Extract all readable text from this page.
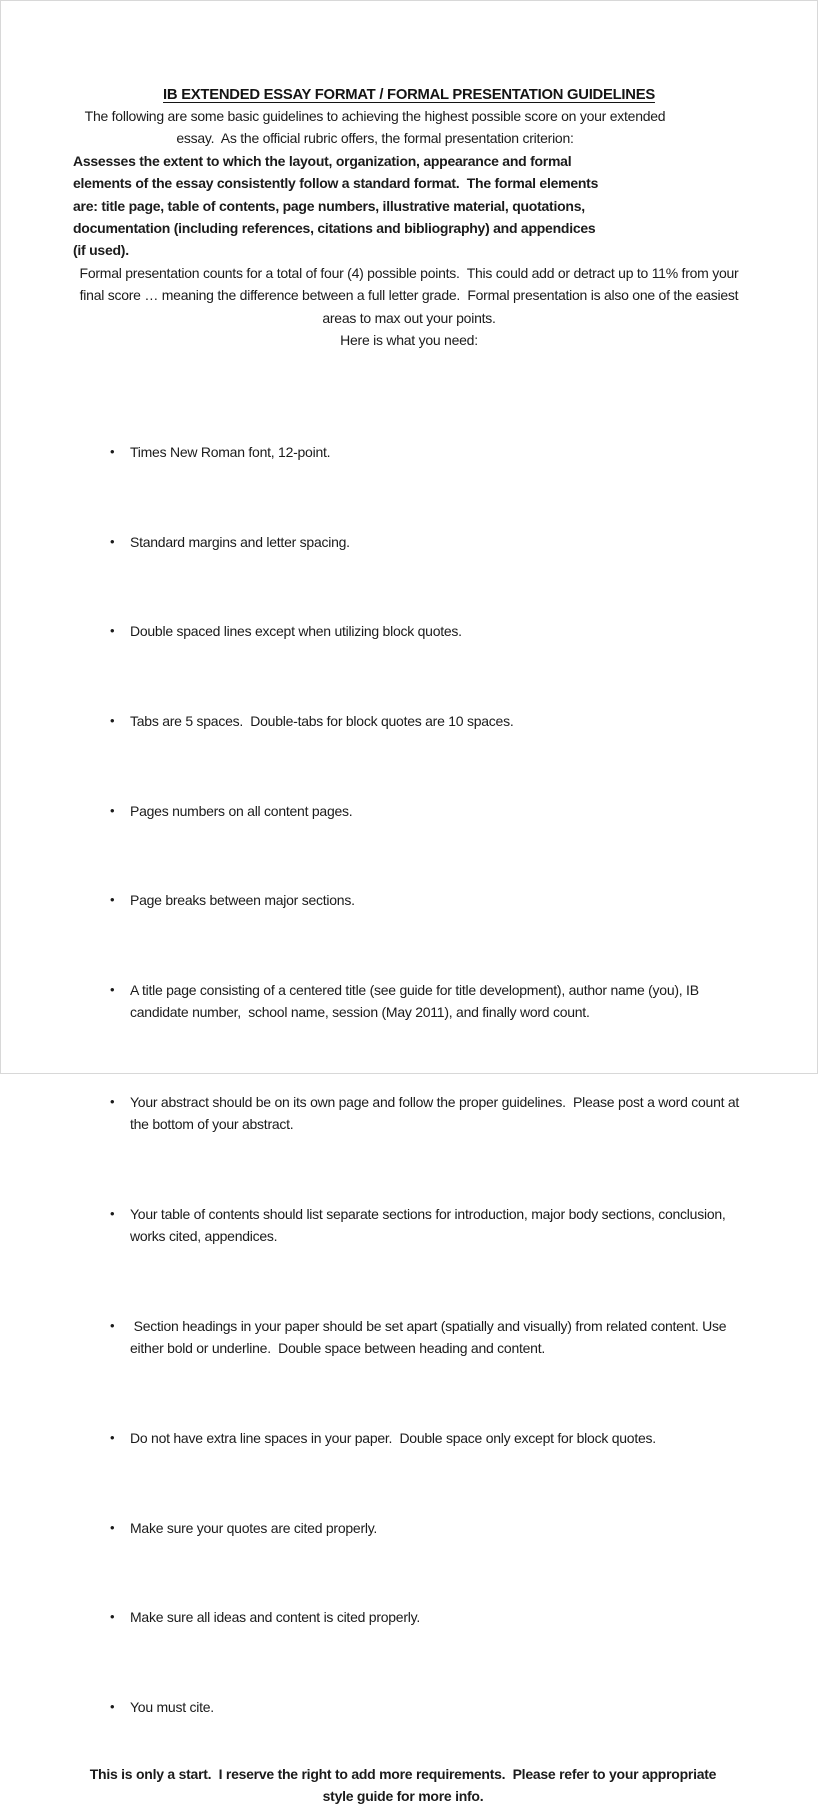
IB EXTENDED ESSAY FORMAT / FORMAL PRESENTATION GUIDELINES

The following are some basic guidelines to achieving the highest possible score on your extended essay.  As the official rubric offers, the formal presentation criterion:

Assesses the extent to which the layout, organization, appearance and formal elements of the essay consistently follow a standard format.  The formal elements are: title page, table of contents, page numbers, illustrative material, quotations, documentation (including references, citations and bibliography) and appendices (if used).

Formal presentation counts for a total of four (4) possible points.  This could add or detract up to 11% from your final score … meaning the difference between a full letter grade.  Formal presentation is also one of the easiest areas to max out your points.

Here is what you need:

• Times New Roman font, 12-point.

• Standard margins and letter spacing.

• Double spaced lines except when utilizing block quotes.

• Tabs are 5 spaces.  Double-tabs for block quotes are 10 spaces.

• Pages numbers on all content pages.

• Page breaks between major sections.

• A title page consisting of a centered title (see guide for title development), author name (you), IB candidate number,  school name, session (May 2011), and finally word count.

• Your abstract should be on its own page and follow the proper guidelines.  Please post a word count at the bottom of your abstract.

• Your table of contents should list separate sections for introduction, major body sections, conclusion, works cited, appendices.

•  Section headings in your paper should be set apart (spatially and visually) from related content. Use either bold or underline.  Double space between heading and content.

• Do not have extra line spaces in your paper.  Double space only except for block quotes.

• Make sure your quotes are cited properly.

• Make sure all ideas and content is cited properly.

• You must cite.

This is only a start.  I reserve the right to add more requirements.  Please refer to your appropriate style guide for more info.
